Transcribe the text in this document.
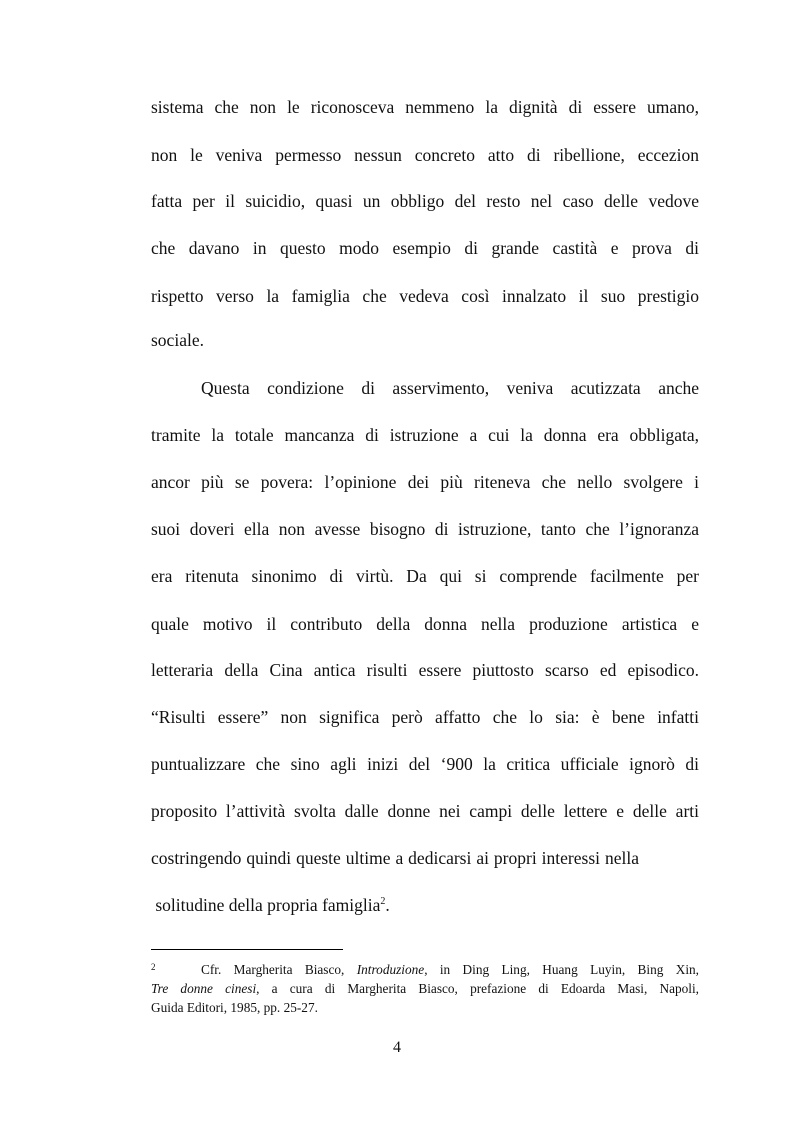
sistema che non le riconosceva nemmeno la dignità di essere umano,
non le veniva permesso nessun concreto atto di ribellione, eccezion
fatta per il suicidio, quasi un obbligo del resto nel caso delle vedove
che davano in questo modo esempio di grande castità e prova di
rispetto verso la famiglia che vedeva così innalzato il suo prestigio
sociale.
Questa condizione di asservimento, veniva acutizzata anche
tramite la totale mancanza di istruzione a cui la donna era obbligata,
ancor più se povera: l’opinione dei più riteneva che nello svolgere i
suoi doveri ella non avesse bisogno di istruzione, tanto che l’ignoranza
era ritenuta sinonimo di virtù. Da qui si comprende facilmente per
quale motivo il contributo della donna nella produzione artistica e
letteraria della Cina antica risulti essere piuttosto scarso ed episodico.
“Risulti essere” non significa però affatto che lo sia: è bene infatti
puntualizzare che sino agli inizi del ‘900 la critica ufficiale ignorò di
proposito l’attività svolta dalle donne nei campi delle lettere e delle arti
costringendo quindi queste ultime a dedicarsi ai propri interessi nella
solitudine della propria famiglia$^2$.
2	Cfr. Margherita Biasco, Introduzione, in Ding Ling, Huang Luyin, Bing Xin,
Tre donne cinesi, a cura di Margherita Biasco, prefazione di Edoarda Masi, Napoli,
Guida Editori, 1985, pp. 25-27.
4
